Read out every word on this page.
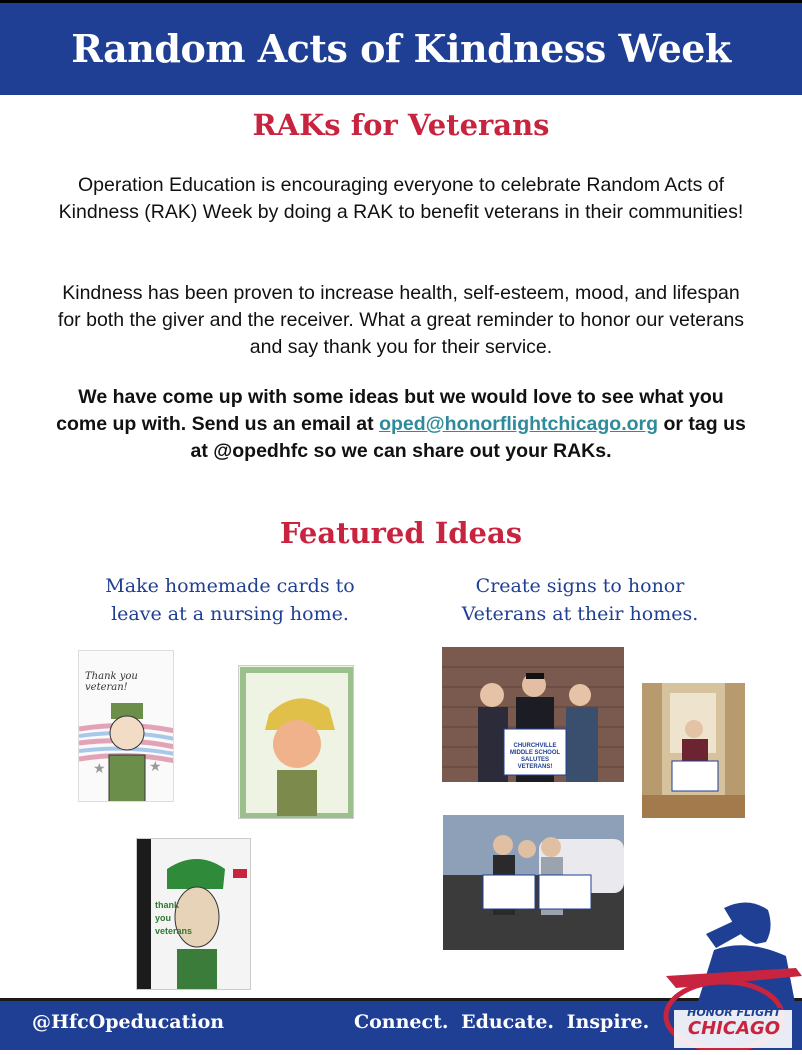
Random Acts of Kindness Week
RAKs for Veterans

Operation Education is encouraging everyone to celebrate Random Acts of Kindness (RAK) Week by doing a RAK to benefit veterans in their communities!

Kindness has been proven to increase health, self-esteem, mood, and lifespan for both the giver and the receiver. What a great reminder to honor our veterans and say thank you for their service.

We have come up with some ideas but we would love to see what you come up with. Send us an email at oped@honorflightchicago.org or tag us at @opedhfc so we can share out your RAKs.

Featured Ideas
Make homemade cards to
leave at a nursing home.
Create signs to honor
Veterans at their homes.
★	★
Thank you veteran!
thank you veterans
CHURCHVILLE
MIDDLE SCHOOL
SALUTES VETERANS!
@HfcOpeducation	Connect. Educate. Inspire.	HONOR FLIGHT
CHICAGO
